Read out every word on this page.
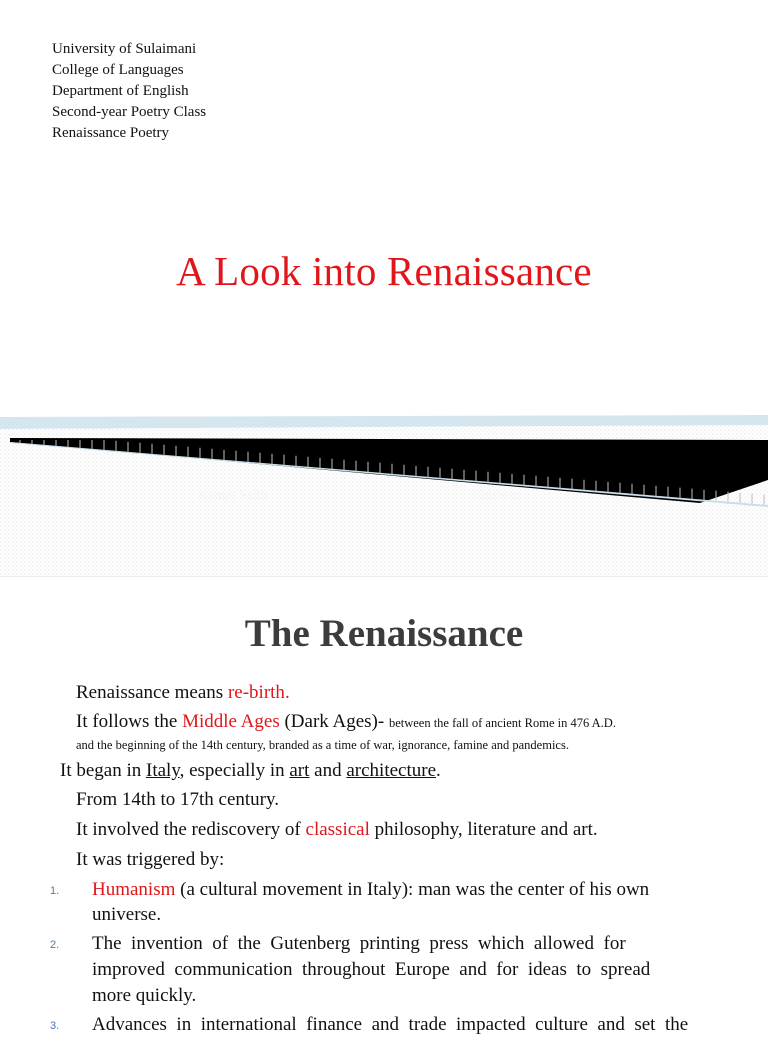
University of Sulaimani
College of Languages
Department of English
Second-year Poetry Class
Renaissance Poetry
A Look into Renaissance
Kamal Salih	Shirwan
The Renaissance
Renaissance means re-birth.
It follows the Middle Ages (Dark Ages)- between the fall of ancient Rome in 476 A.D.
and the beginning of the 14th century, branded as a time of war, ignorance, famine and pandemics.
It began in Italy, especially in art and architecture.
From 14th to 17th century.
It involved the rediscovery of classical philosophy, literature and art.
It was triggered by:
1. Humanism (a cultural movement in Italy): man was the center of his own
universe.
2. The  invention  of  the  Gutenberg  printing  press  which  allowed  for
improved  communication  throughout  Europe  and  for  ideas  to  spread
more quickly.
3. Advances  in  international  finance  and  trade  impacted  culture  and  set  the
